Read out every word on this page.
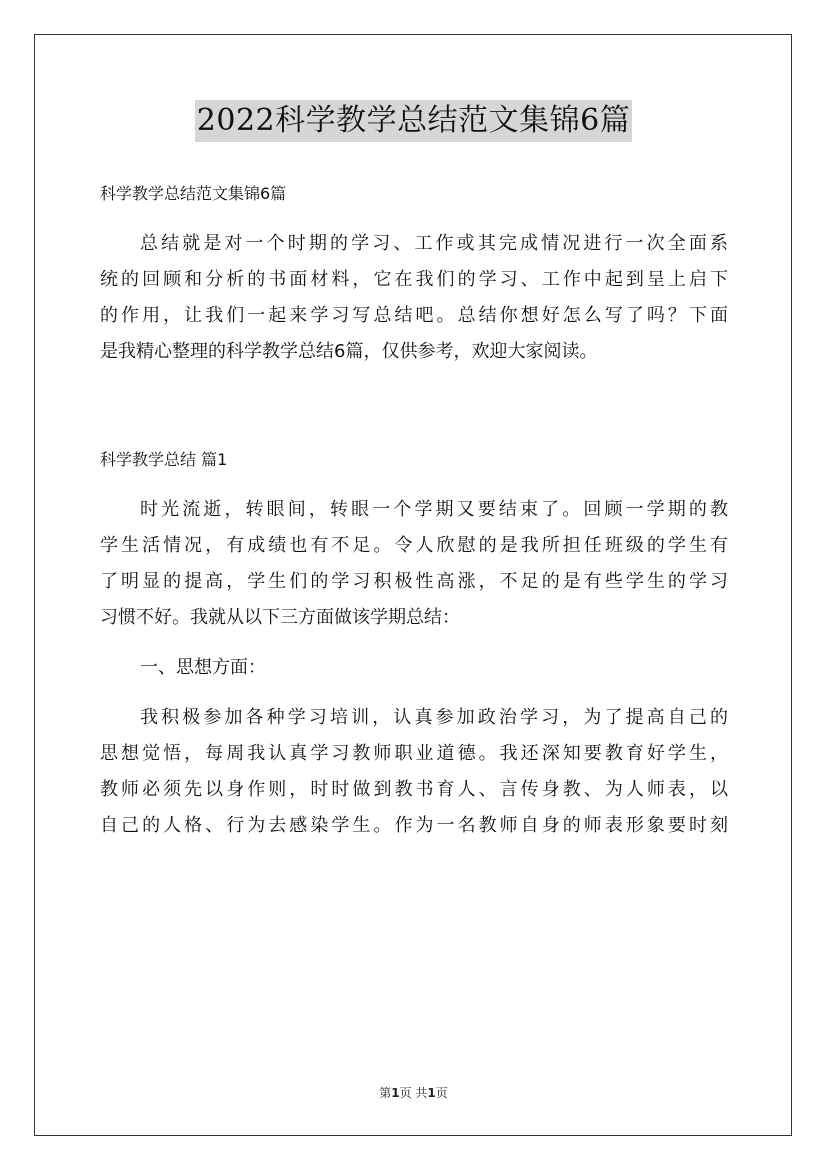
2022科学教学总结范文集锦6篇
科学教学总结范文集锦6篇
总结就是对一个时期的学习、工作或其完成情况进行一次全面系
统的回顾和分析的书面材料，它在我们的学习、工作中起到呈上启下
的作用，让我们一起来学习写总结吧。总结你想好怎么写了吗？下面
是我精心整理的科学教学总结6篇，仅供参考，欢迎大家阅读。
科学教学总结 篇1
时光流逝，转眼间，转眼一个学期又要结束了。回顾一学期的教
学生活情况，有成绩也有不足。令人欣慰的是我所担任班级的学生有
了明显的提高，学生们的学习积极性高涨，不足的是有些学生的学习
习惯不好。我就从以下三方面做该学期总结：
一、思想方面：
我积极参加各种学习培训，认真参加政治学习，为了提高自己的
思想觉悟，每周我认真学习教师职业道德。我还深知要教育好学生，
教师必须先以身作则，时时做到教书育人、言传身教、为人师表，以
自己的人格、行为去感染学生。作为一名教师自身的师表形象要时刻
第1页 共1页
